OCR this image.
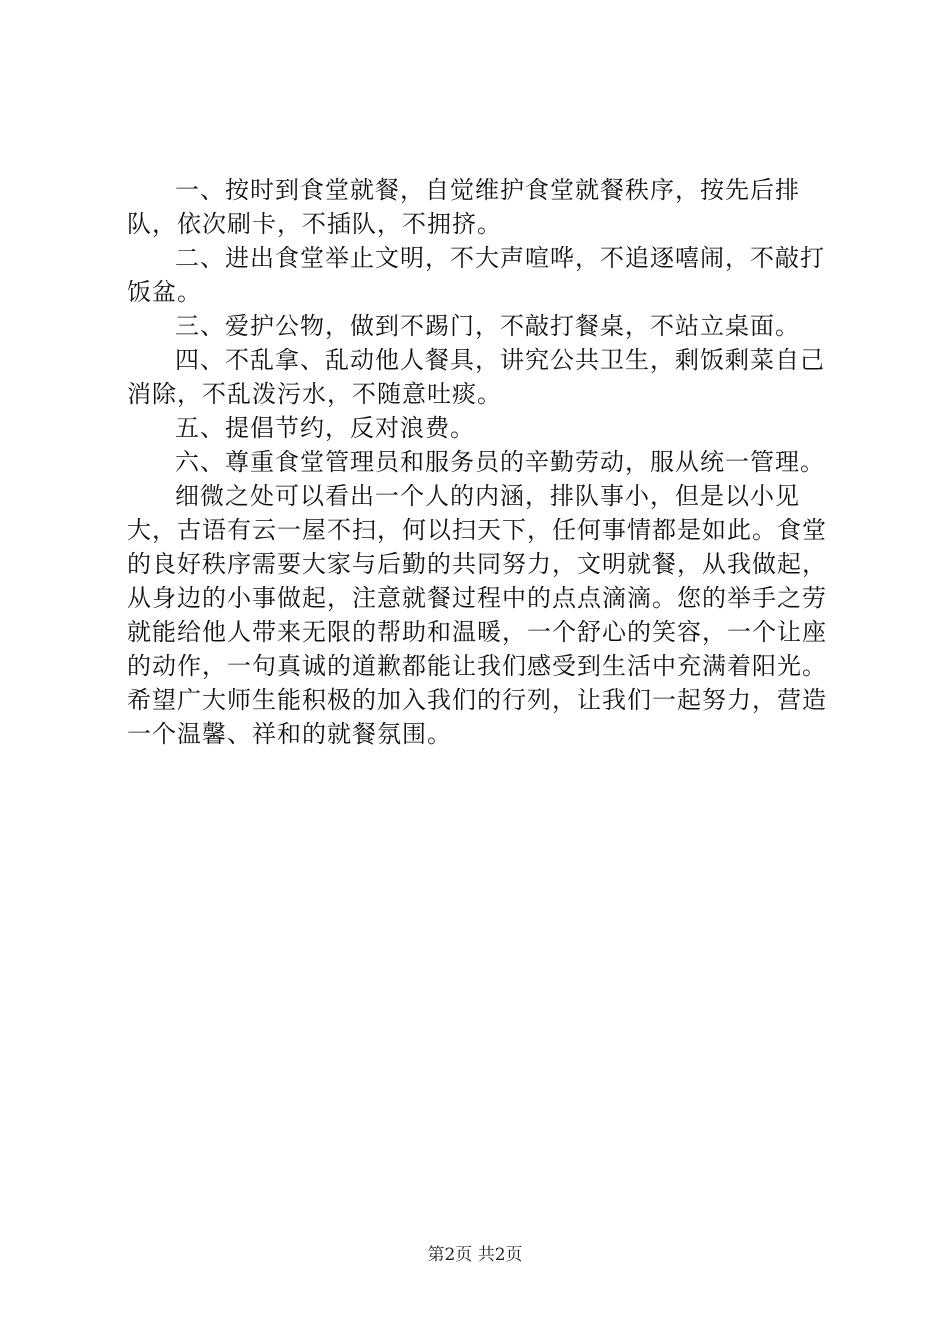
一、按时到食堂就餐，自觉维护食堂就餐秩序，按先后排队，依次刷卡，不插队，不拥挤。
二、进出食堂举止文明，不大声喧哗，不追逐嘻闹，不敲打饭盆。
三、爱护公物，做到不踢门，不敲打餐桌，不站立桌面。
四、不乱拿、乱动他人餐具，讲究公共卫生，剩饭剩菜自己消除，不乱泼污水，不随意吐痰。
五、提倡节约，反对浪费。
六、尊重食堂管理员和服务员的辛勤劳动，服从统一管理。

细微之处可以看出一个人的内涵，排队事小，但是以小见大，古语有云一屋不扫，何以扫天下，任何事情都是如此。食堂的良好秩序需要大家与后勤的共同努力，文明就餐，从我做起，从身边的小事做起，注意就餐过程中的点点滴滴。您的举手之劳就能给他人带来无限的帮助和温暖，一个舒心的笑容，一个让座的动作，一句真诚的道歉都能让我们感受到生活中充满着阳光。希望广大师生能积极的加入我们的行列，让我们一起努力，营造一个温馨、祥和的就餐氛围。

第2页 共2页
